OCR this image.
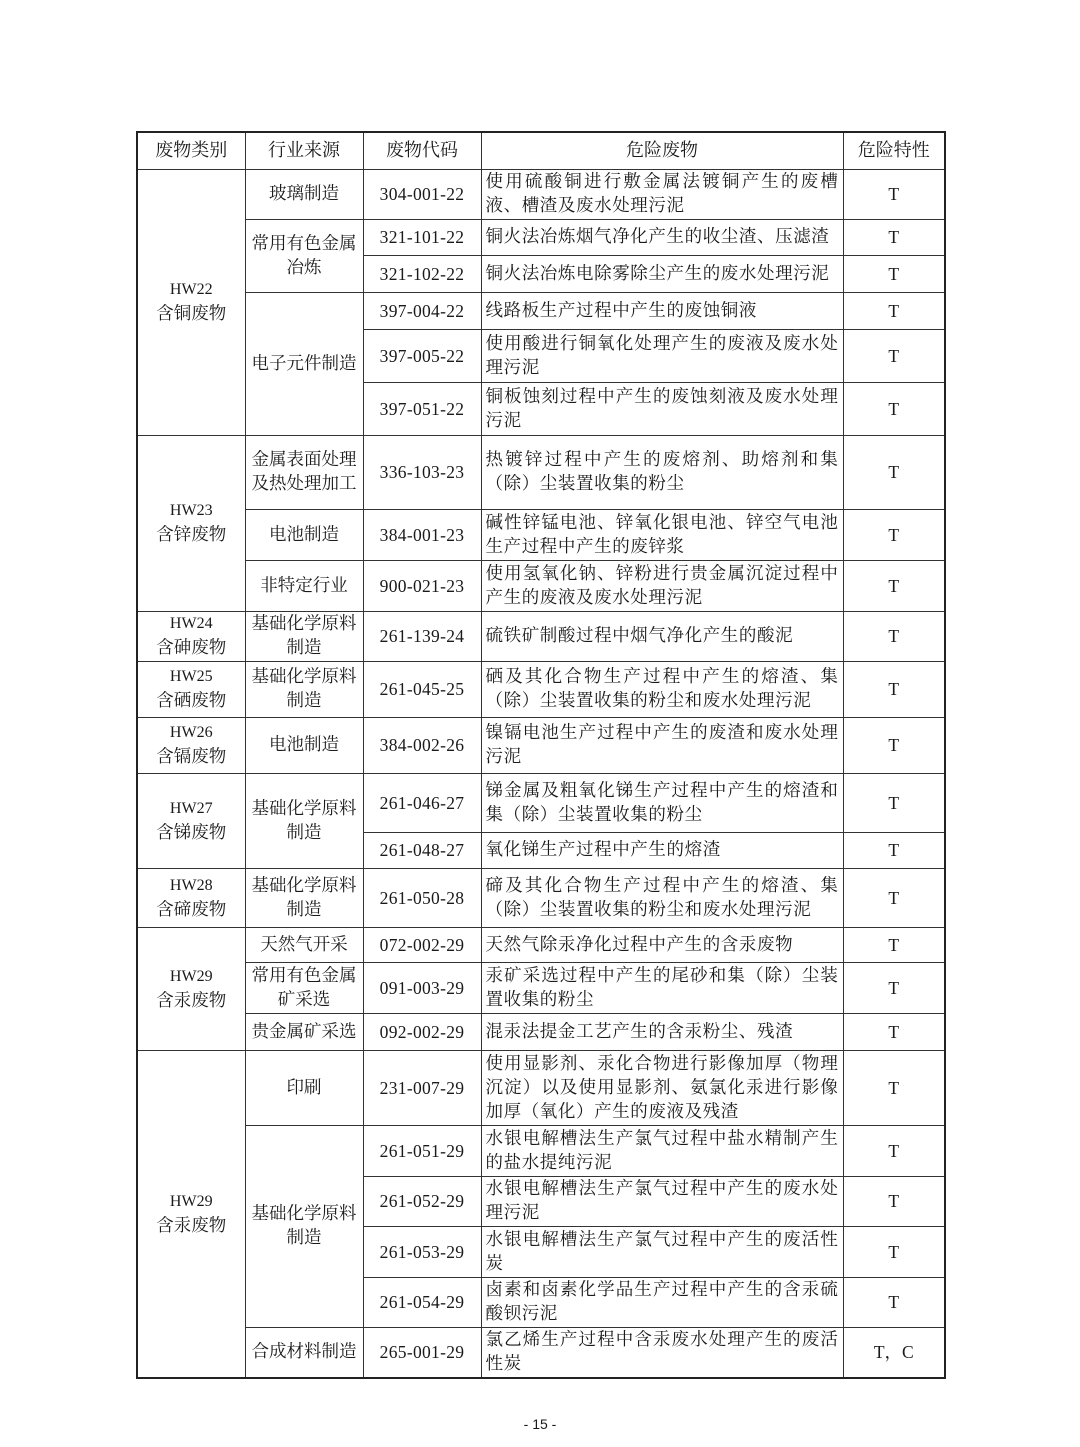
废物类别	行业来源	废物代码	危险废物	危险特性

HW22
含铜废物	玻璃制造	304-001-22	使用硫酸铜进行敷金属法镀铜产生的废槽液、槽渣及废水处理污泥	T
	常用有色金属冶炼	321-101-22	铜火法冶炼烟气净化产生的收尘渣、压滤渣	T
		321-102-22	铜火法冶炼电除雾除尘产生的废水处理污泥	T
	电子元件制造	397-004-22	线路板生产过程中产生的废蚀铜液	T
		397-005-22	使用酸进行铜氧化处理产生的废液及废水处理污泥	T
		397-051-22	铜板蚀刻过程中产生的废蚀刻液及废水处理污泥	T

HW23
含锌废物	金属表面处理及热处理加工	336-103-23	热镀锌过程中产生的废熔剂、助熔剂和集（除）尘装置收集的粉尘	T
	电池制造	384-001-23	碱性锌锰电池、锌氧化银电池、锌空气电池生产过程中产生的废锌浆	T
	非特定行业	900-021-23	使用氢氧化钠、锌粉进行贵金属沉淀过程中产生的废液及废水处理污泥	T

HW24
含砷废物	基础化学原料制造	261-139-24	硫铁矿制酸过程中烟气净化产生的酸泥	T

HW25
含硒废物	基础化学原料制造	261-045-25	硒及其化合物生产过程中产生的熔渣、集（除）尘装置收集的粉尘和废水处理污泥	T

HW26
含镉废物	电池制造	384-002-26	镍镉电池生产过程中产生的废渣和废水处理污泥	T

HW27
含锑废物	基础化学原料制造	261-046-27	锑金属及粗氧化锑生产过程中产生的熔渣和集（除）尘装置收集的粉尘	T
		261-048-27	氧化锑生产过程中产生的熔渣	T

HW28
含碲废物	基础化学原料制造	261-050-28	碲及其化合物生产过程中产生的熔渣、集（除）尘装置收集的粉尘和废水处理污泥	T

HW29
含汞废物	天然气开采	072-002-29	天然气除汞净化过程中产生的含汞废物	T
	常用有色金属矿采选	091-003-29	汞矿采选过程中产生的尾砂和集（除）尘装置收集的粉尘	T
	贵金属矿采选	092-002-29	混汞法提金工艺产生的含汞粉尘、残渣	T

HW29
含汞废物	印刷	231-007-29	使用显影剂、汞化合物进行影像加厚（物理沉淀）以及使用显影剂、氨氯化汞进行影像加厚（氧化）产生的废液及残渣	T
	基础化学原料制造	261-051-29	水银电解槽法生产氯气过程中盐水精制产生的盐水提纯污泥	T
		261-052-29	水银电解槽法生产氯气过程中产生的废水处理污泥	T
		261-053-29	水银电解槽法生产氯气过程中产生的废活性炭	T
		261-054-29	卤素和卤素化学品生产过程中产生的含汞硫酸钡污泥	T
	合成材料制造	265-001-29	氯乙烯生产过程中含汞废水处理产生的废活性炭	T，C
- 15 -
